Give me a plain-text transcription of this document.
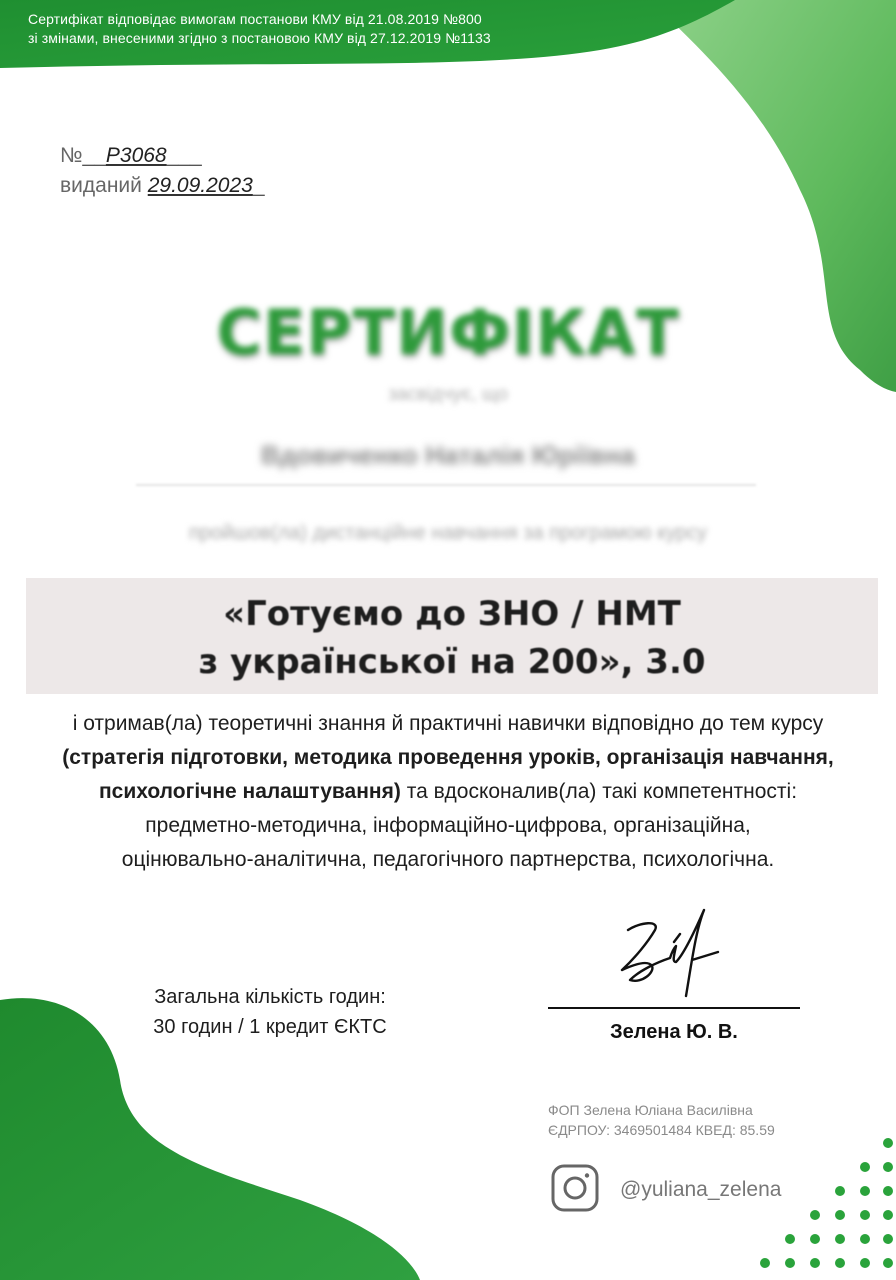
Сертифікат відповідає вимогам постанови КМУ від 21.08.2019 №800
зі змінами, внесеними згідно з постановою КМУ від 27.12.2019 №1133
№__Р3068___
виданий 29.09.2023_
СЕРТИФІКАТ
засвідчує, що
Вдовиченко Наталія Юріївна
пройшов(ла) дистанційне навчання за програмою курсу
«Готуємо до ЗНО / НМТ
з української на 200», 3.0
і отримав(ла) теоретичні знання й практичні навички відповідно до тем курсу
(стратегія підготовки, методика проведення уроків, організація навчання,
психологічне налаштування) та вдосконалив(ла) такі компетентності:
предметно-методична, інформаційно-цифрова, організаційна,
оцінювально-аналітична, педагогічного партнерства, психологічна.
Загальна кількість годин:
30 годин / 1 кредит ЄКТС	Зелена Ю. В.
ФОП Зелена Юліана Василівна
ЄДРПОУ: 3469501484 КВЕД: 85.59
@yuliana_zelena
